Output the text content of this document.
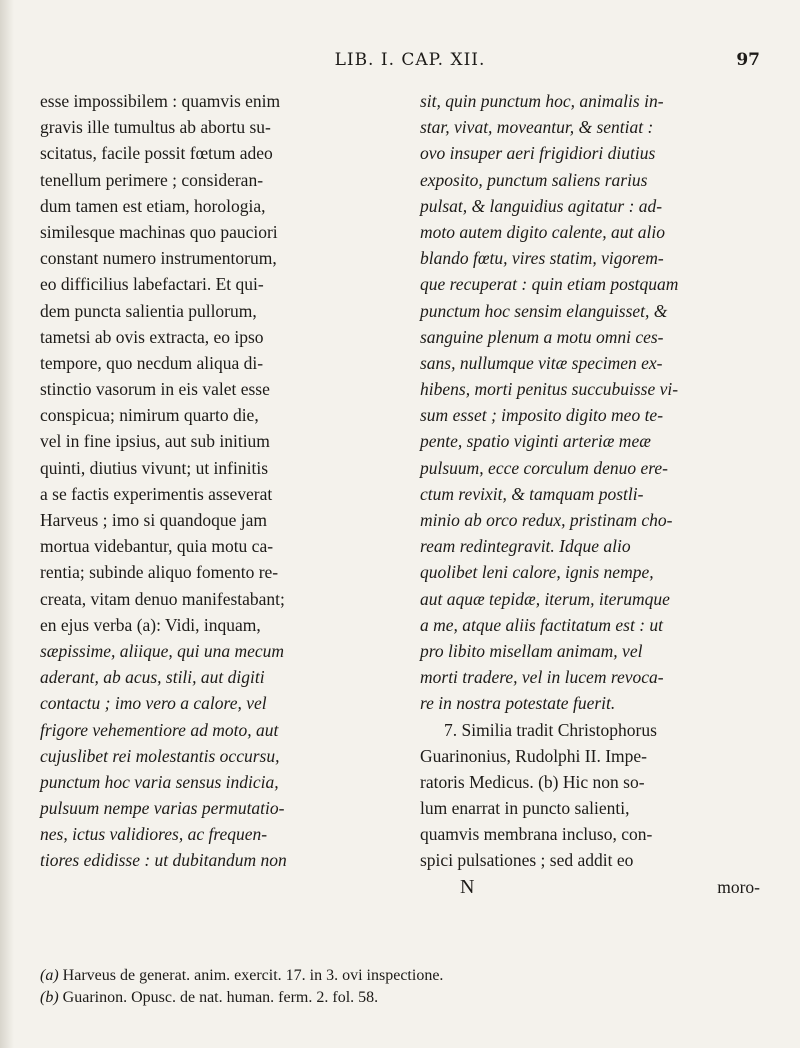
LIB. I. CAP. XII.	97
esse impossibilem : quamvis enim
gravis ille tumultus ab abortu su-
scitatus, facile possit fœtum adeo
tenellum perimere ; consideran-
dum tamen est etiam, horologia,
similesque machinas quo pauciori
constant numero instrumentorum,
eo difficilius labefactari. Et qui-
dem puncta salientia pullorum,
tametsi ab ovis extracta, eo ipso
tempore, quo necdum aliqua di-
stinctio vasorum in eis valet esse
conspicua; nimirum quarto die,
vel in fine ipsius, aut sub initium
quinti, diutius vivunt; ut infinitis
a se factis experimentis asseverat
Harveus ; imo si quandoque jam
mortua videbantur, quia motu ca-
rentia; subinde aliquo fomento re-
creata, vitam denuo manifestabant;
en ejus verba (a): Vidi, inquam,
sæpissime, aliique, qui una mecum
aderant, ab acus, stili, aut digiti
contactu ; imo vero a calore, vel
frigore vehementiore ad moto, aut
cujuslibet rei molestantis occursu,
punctum hoc varia sensus indicia,
pulsuum nempe varias permutatio-
nes, ictus validiores, ac frequen-
tiores edidisse : ut dubitandum non
sit, quin punctum hoc, animalis in-
star, vivat, moveantur, & sentiat :
ovo insuper aeri frigidiori diutius
exposito, punctum saliens rarius
pulsat, & languidius agitatur : ad-
moto autem digito calente, aut alio
blando fœtu, vires statim, vigorem-
que recuperat : quin etiam postquam
punctum hoc sensim elanguisset, &
sanguine plenum a motu omni ces-
sans, nullumque vitæ specimen ex-
hibens, morti penitus succubuisse vi-
sum esset ; imposito digito meo te-
pente, spatio viginti arteriæ meæ
pulsuum, ecce corculum denuo ere-
ctum revixit, & tamquam postli-
minio ab orco redux, pristinam cho-
ream redintegravit. Idque alio
quolibet leni calore, ignis nempe,
aut aquæ tepidæ, iterum, iterumque
a me, atque aliis factitatum est : ut
pro libito misellam animam, vel
morti tradere, vel in lucem revoca-
re in nostra potestate fuerit.
7. Similia tradit Christophorus
Guarinonius, Rudolphi II. Impe-
ratoris Medicus. (b) Hic non so-
lum enarrat in puncto salienti,
quamvis membrana incluso, con-
spici pulsationes ; sed addit eo
N	moro-
(a) Harveus de generat. anim. exercit. 17. in 3. ovi inspectione.
(b) Guarinon. Opusc. de nat. human. ferm. 2. fol. 58.
